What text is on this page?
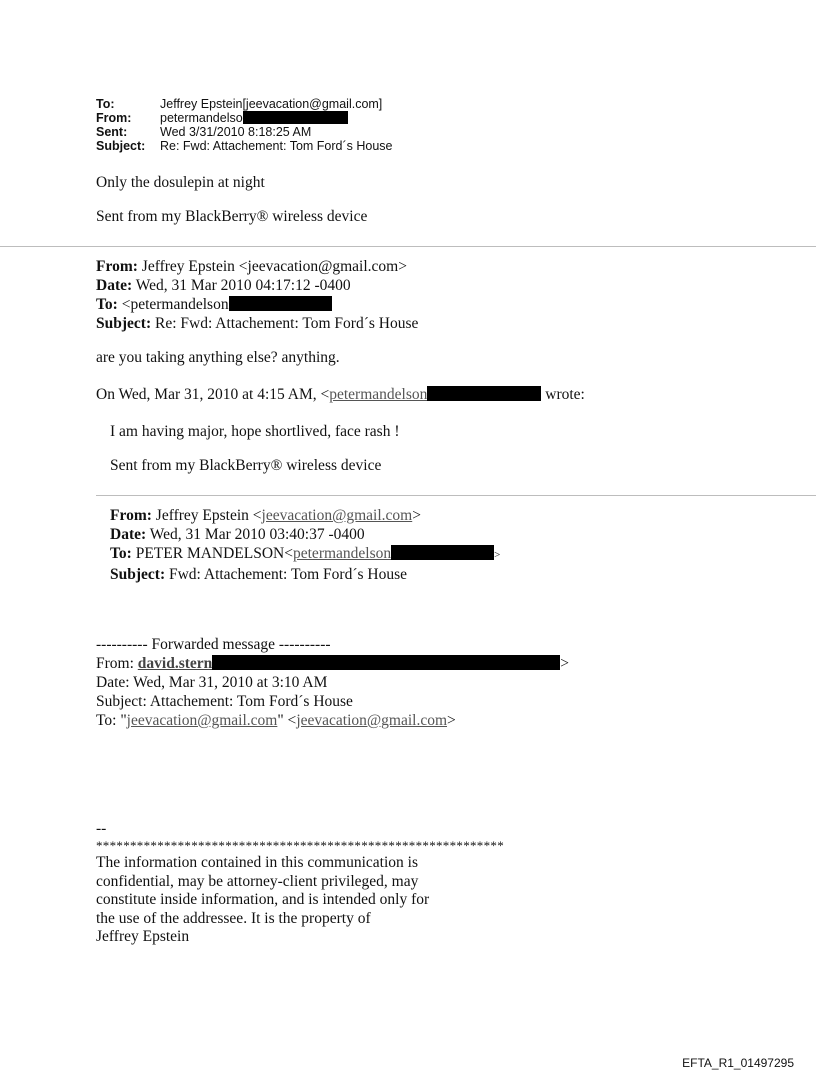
To:	Jeffrey Epstein[jeevacation@gmail.com]
From:	petermandelso
Sent:	Wed 3/31/2010 8:18:25 AM
Subject:	Re: Fwd: Attachement: Tom Ford´s House
Only the dosulepin at night
Sent from my BlackBerry® wireless device
From: Jeffrey Epstein <jeevacation@gmail.com>
Date: Wed, 31 Mar 2010 04:17:12 -0400
To: <petermandelson
Subject: Re: Fwd: Attachement: Tom Ford´s House
are you taking anything else? anything.
On Wed, Mar 31, 2010 at 4:15 AM, <petermandelson	wrote:
I am having major, hope shortlived, face rash !
Sent from my BlackBerry® wireless device
From: Jeffrey Epstein <jeevacation@gmail.com>
Date: Wed, 31 Mar 2010 03:40:37 -0400
To: PETER MANDELSON<petermandelson	>
Subject: Fwd: Attachement: Tom Ford´s House
---------- Forwarded message ----------
From: david.stern	>
Date: Wed, Mar 31, 2010 at 3:10 AM
Subject: Attachement: Tom Ford´s House
To: "jeevacation@gmail.com" <jeevacation@gmail.com>
--
************************************************************
The information contained in this communication is
confidential, may be attorney-client privileged, may
constitute inside information, and is intended only for
the use of the addressee. It is the property of
Jeffrey Epstein
EFTA_R1_01497295
